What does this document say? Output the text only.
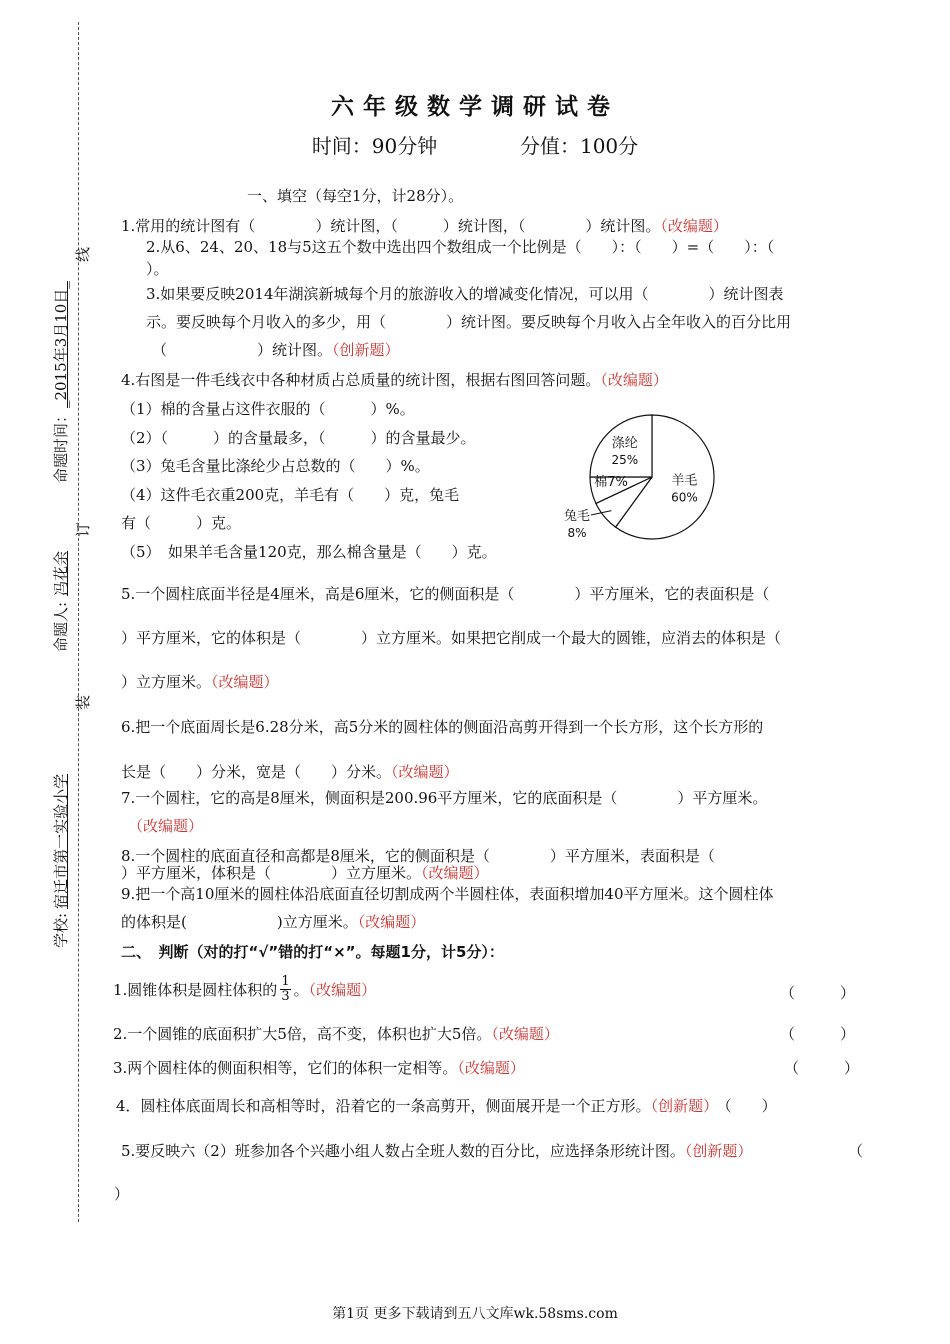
六年级数学调研试卷
时间：90分钟	分值：100分
线
订
装
命题时间：_2015年3月10日_
命题人:冯花余
学校:宿迁市第一实验小学
一、填空（每空1分，计28分）。
1.常用的统计图有（　　　　）统计图，（　　　）统计图，（　　　　）统计图。（改编题）
2.从6、24、20、18与5这五个数中选出四个数组成一个比例是（　　）：（　　）=（　　）：（
）。
3.如果要反映2014年湖滨新城每个月的旅游收入的增减变化情况，可以用（　　　　）统计图表
示。要反映每个月收入的多少，用（　　　　）统计图。要反映每个月收入占全年收入的百分比用
（　　　　　　）统计图。（创新题）
4.右图是一件毛线衣中各种材质占总质量的统计图，根据右图回答问题。（改编题）
（1）棉的含量占这件衣服的（　　　）%。
（2）（　　　）的含量最多，（　　　）的含量最少。
（3）兔毛含量比涤纶少占总数的（　　）%。
（4）这件毛衣重200克，羊毛有（　　）克，兔毛
有（　　　）克。
（5）　如果羊毛含量120克，那么棉含量是（　　）克。
羊毛
60%
兔毛
8%
棉7%
涤纶
25%
5.一个圆柱底面半径是4厘米，高是6厘米，它的侧面积是（　　　　）平方厘米，它的表面积是（
）平方厘米，它的体积是（　　　　）立方厘米。如果把它削成一个最大的圆锥，应消去的体积是（
）立方厘米。（改编题）
6.把一个底面周长是6.28分米，高5分米的圆柱体的侧面沿高剪开得到一个长方形，这个长方形的
长是（　　）分米，宽是（　　）分米。（改编题）
7.一个圆柱，它的高是8厘米，侧面积是200.96平方厘米，它的底面积是（　　　　）平方厘米。
（改编题）
8.一个圆柱的底面直径和高都是8厘米，它的侧面积是（　　　　）平方厘米，表面积是（
）平方厘米，体积是（　　　　）立方厘米。（改编题）
9.把一个高10厘米的圆柱体沿底面直径切割成两个半圆柱体，表面积增加40平方厘米。这个圆柱体
的体积是(　　　　　　)立方厘米。（改编题）
二、　判断（对的打“√”错的打“×”。每题1分，计5分）：
1.圆锥体积是圆柱体积的 $\frac{1}{3}$ 。（改编题）	（　　　）
2.一个圆锥的底面积扩大5倍，高不变，体积也扩大5倍。（改编题）	（　　　）
3.两个圆柱体的侧面积相等，它们的体积一定相等。（改编题）	（　　　）
4．圆柱体底面周长和高相等时，沿着它的一条高剪开，侧面展开是一个正方形。（创新题） （　　）
5.要反映六（2）班参加各个兴趣小组人数占全班人数的百分比，应选择条形统计图。（创新题）	（
）
第1页 更多下载请到五八文库wk.58sms.com
